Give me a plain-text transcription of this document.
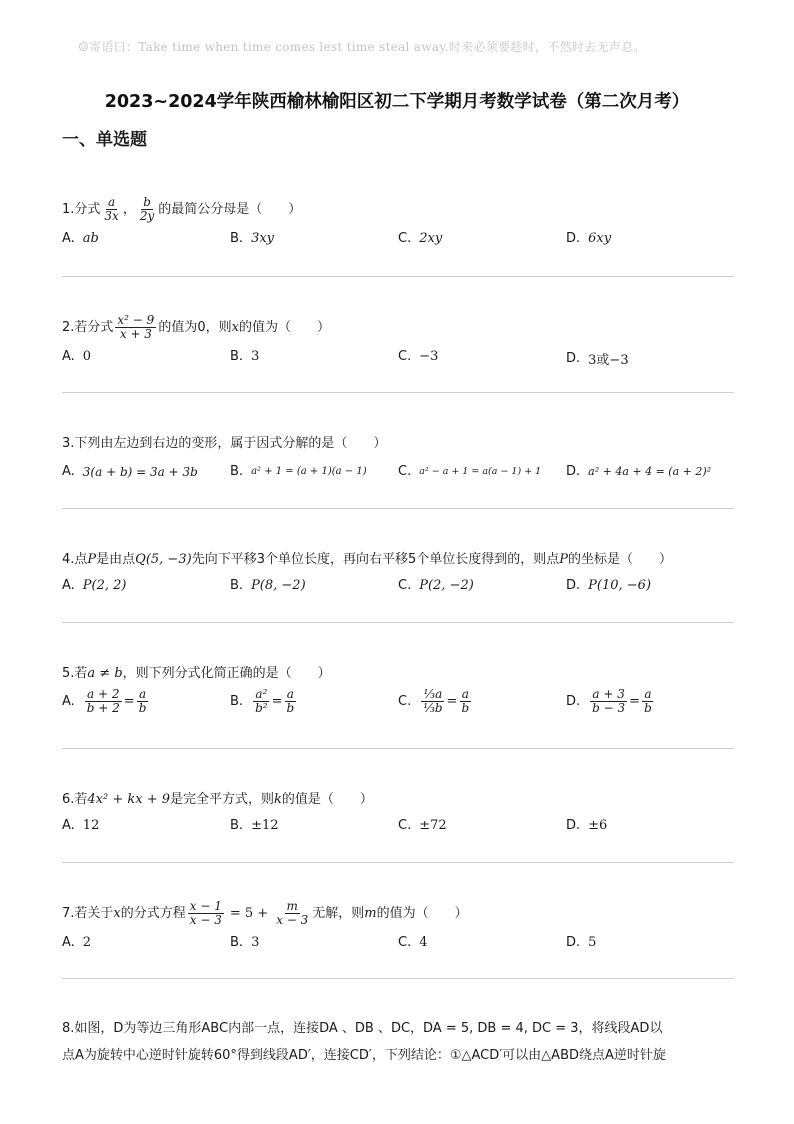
☺寄语曰：Take time when time comes lest time steal away.时来必须要趁时，不然时去无声息。
2023~2024学年陕西榆林榆阳区初二下学期月考数学试卷（第二次月考）
一、单选题
1.分式 $\frac{a}{3x}$ ， $\frac{b}{2y}$ 的最简公分母是（　　）
A. ab	B. 3xy	C. 2xy	D. 6xy
2.若分式 $\frac{\text{x² − 9}}{x + 3}$ 的值为0，则 x 的值为（　　）
A. 0	B. 3	C. −3	D. 3或−3
3.下列由左边到右边的变形，属于因式分解的是（　　）
A. 3(a + b) = 3a + 3b B. a² + 1 = (a + 1)(a − 1) C. a² − a + 1 = a(a − 1) + 1 D. a² + 4a + 4 = (a + 2)²
4.点 P 是由点 Q(5, −3) 先向下平移3个单位长度，再向右平移5个单位长度得到的，则点 P 的坐标是（　　）
A. P(2, 2)	B. P(8, −2)	C. P(2, −2)	D. P(10, −6)
5.若 a ≠ b ，则下列分式化简正确的是（　　）
A. $\frac{a + 2}{b + 2} = \frac{a}{b}$	B. $\frac{\text{a²}}{\text{b²}} = \frac{a}{b}$	C. $\frac{\text{⅓a}}{\text{⅓b}} = \frac{a}{b}$	D. $\frac{a + 3}{b - 3} = \frac{a}{b}$
6.若 4x² + kx + 9 是完全平方式，则 k 的值是（　　）
A. 12	B. ±12	C. ±72	D. ±6
7.若关于 x 的分式方程 $\frac{x - 1}{x - 3} = 5 + \frac{m}{x - 3}$ 无解，则 m 的值为（　　）
A. 2	B. 3	C. 4	D. 5
8.如图，D为等边三角形ABC内部一点，连接DA 、DB 、DC，DA = 5, DB = 4, DC = 3，将线段AD以
点A为旋转中心逆时针旋转60°得到线段AD′，连接CD′，下列结论：①△ACD′可以由△ABD绕点A逆时针旋
